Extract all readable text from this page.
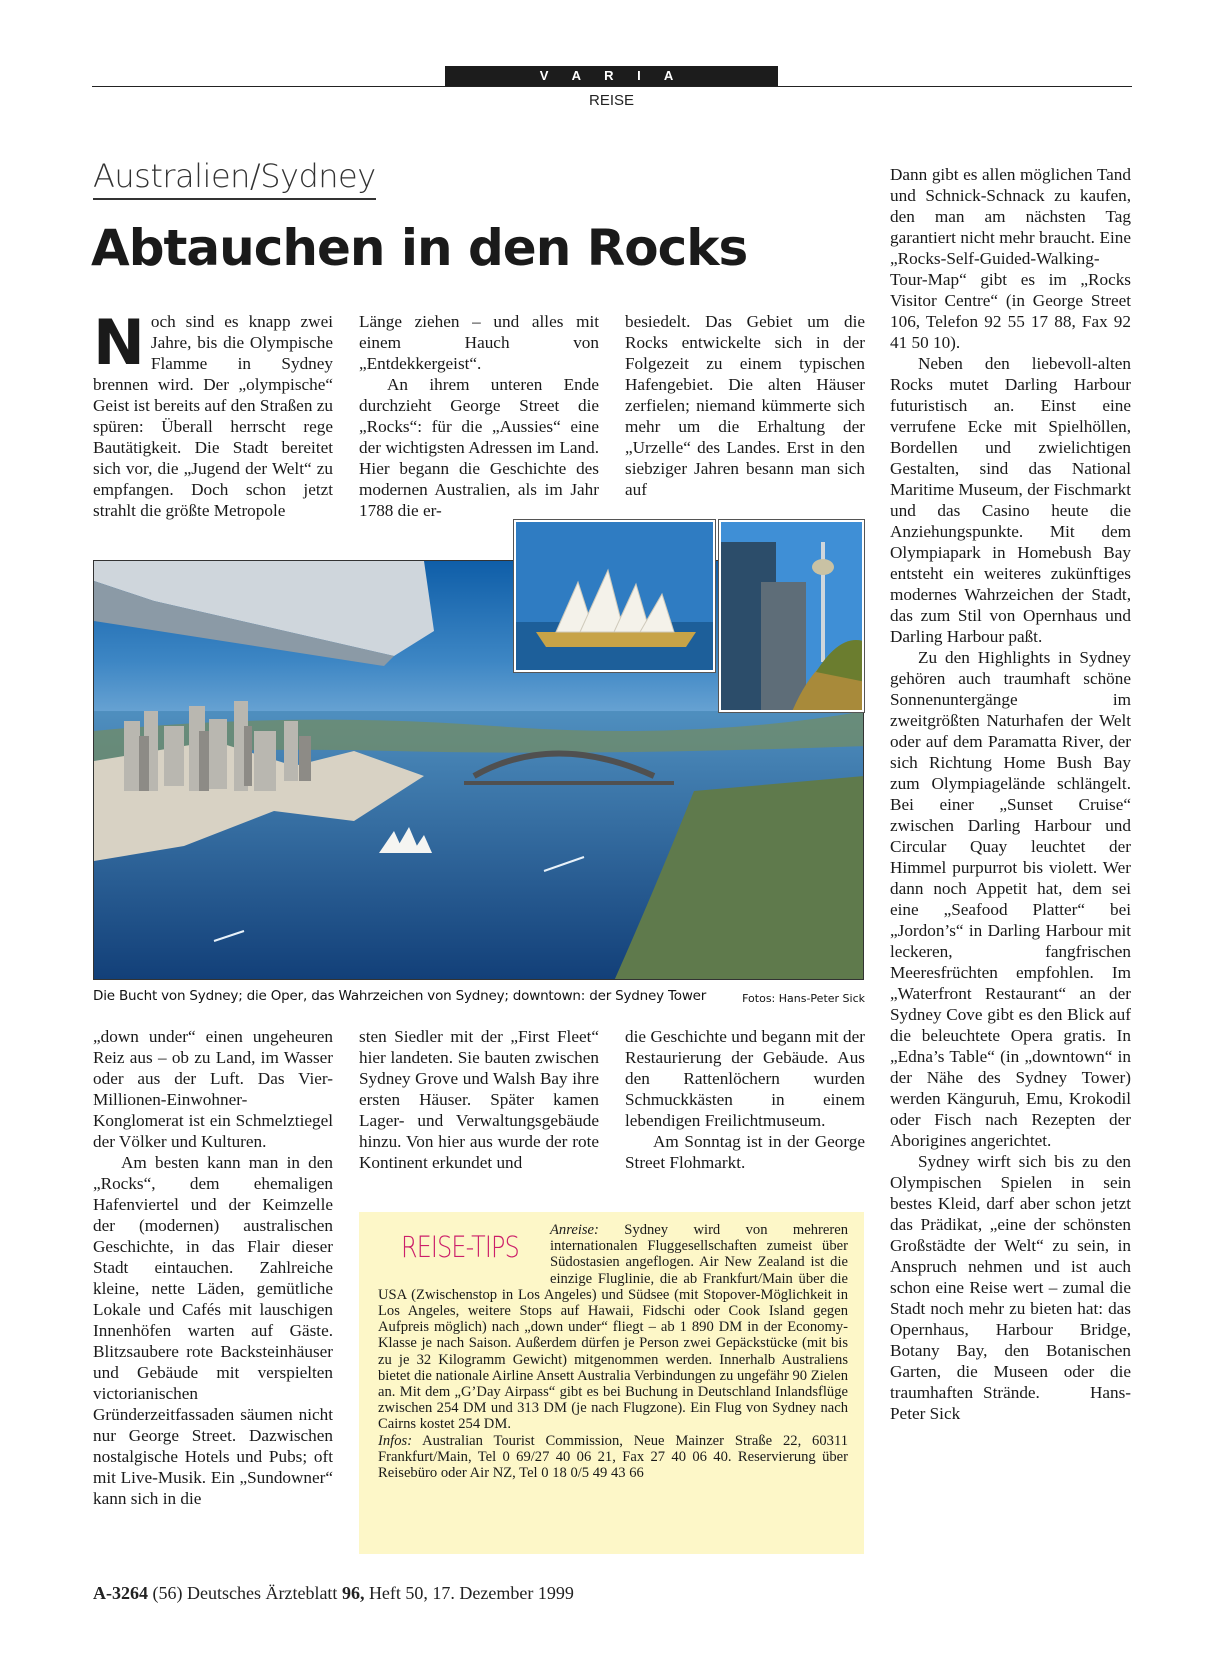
V A R I A
REISE
Australien/Sydney
Abtauchen in den Rocks
N och sind es knapp zwei Jahre, bis die Olympische Flamme in Sydney brennen wird. Der „olympische“ Geist ist bereits auf den Straßen zu spüren: Überall herrscht rege Bautätigkeit. Die Stadt bereitet sich vor, die „Jugend der Welt“ zu empfangen. Doch schon jetzt strahlt die größte Metropole

Länge ziehen – und alles mit einem Hauch von „Entdekkergeist“.

An ihrem unteren Ende durchzieht George Street die „Rocks“: für die „Aussies“ eine der wichtigsten Adressen im Land. Hier begann die Geschichte des modernen Australien, als im Jahr 1788 die er-

besiedelt. Das Gebiet um die Rocks entwickelte sich in der Folgezeit zu einem typischen Hafengebiet. Die alten Häuser zerfielen; niemand kümmerte sich mehr um die Erhaltung der „Urzelle“ des Landes. Erst in den siebziger Jahren besann man sich auf

Dann gibt es allen möglichen Tand und Schnick-Schnack zu kaufen, den man am nächsten Tag garantiert nicht mehr braucht. Eine „Rocks-Self-Guided-Walking-Tour-Map“ gibt es im „Rocks Visitor Centre“ (in George Street 106, Telefon 92 55 17 88, Fax 92 41 50 10).

Neben den liebevoll-alten Rocks mutet Darling Harbour futuristisch an. Einst eine verrufene Ecke mit Spielhöllen, Bordellen und zwielichtigen Gestalten, sind das National Maritime Museum, der Fischmarkt und das Casino heute die Anziehungspunkte. Mit dem Olympiapark in Homebush Bay entsteht ein weiteres zukünftiges modernes Wahrzeichen der Stadt, das zum Stil von Opernhaus und Darling Harbour paßt.

Zu den Highlights in Sydney gehören auch traumhaft schöne Sonnenuntergänge im zweitgrößten Naturhafen der Welt oder auf dem Paramatta River, der sich Richtung Home Bush Bay zum Olympiagelände schlängelt. Bei einer „Sunset Cruise“ zwischen Darling Harbour und Circular Quay leuchtet der Himmel purpurrot bis violett. Wer dann noch Appetit hat, dem sei eine „Seafood Platter“ bei „Jordon’s“ in Darling Harbour mit leckeren, fangfrischen Meeresfrüchten empfohlen. Im „Waterfront Restaurant“ an der Sydney Cove gibt es den Blick auf die beleuchtete Opera gratis. In „Edna’s Table“ (in „downtown“ in der Nähe des Sydney Tower) werden Känguruh, Emu, Krokodil oder Fisch nach Rezepten der Aborigines angerichtet.

Sydney wirft sich bis zu den Olympischen Spielen in sein bestes Kleid, darf aber schon jetzt das Prädikat, „eine der schönsten Großstädte der Welt“ zu sein, in Anspruch nehmen und ist auch schon eine Reise wert – zumal die Stadt noch mehr zu bieten hat: das Opernhaus, Harbour Bridge, Botany Bay, den Botanischen Garten, die Museen oder die traumhaften Strände.	Hans-Peter Sick

Die Bucht von Sydney; die Oper, das Wahrzeichen von Sydney; downtown: der Sydney Tower	Fotos: Hans-Peter Sick

„down under“ einen ungeheuren Reiz aus – ob zu Land, im Wasser oder aus der Luft. Das Vier-Millionen-Einwohner-Konglomerat ist ein Schmelztiegel der Völker und Kulturen.

Am besten kann man in den „Rocks“, dem ehemaligen Hafenviertel und der Keimzelle der (modernen) australischen Geschichte, in das Flair dieser Stadt eintauchen. Zahlreiche kleine, nette Läden, gemütliche Lokale und Cafés mit lauschigen Innenhöfen warten auf Gäste. Blitzsaubere rote Backsteinhäuser und Gebäude mit verspielten victorianischen Gründerzeitfassaden säumen nicht nur George Street. Dazwischen nostalgische Hotels und Pubs; oft mit Live-Musik. Ein „Sundowner“ kann sich in die

sten Siedler mit der „First Fleet“ hier landeten. Sie bauten zwischen Sydney Grove und Walsh Bay ihre ersten Häuser. Später kamen Lager- und Verwaltungsgebäude hinzu. Von hier aus wurde der rote Kontinent erkundet und

die Geschichte und begann mit der Restaurierung der Gebäude. Aus den Rattenlöchern wurden Schmuckkästen in einem lebendigen Freilichtmuseum.

Am Sonntag ist in der George Street Flohmarkt.

Anreise: Sydney wird von mehreren internationalen Fluggesellschaften zumeist über Südostasien angeflogen. Air New Zealand ist die einzige Fluglinie, die ab Frankfurt/Main über die USA (Zwischenstop in Los Angeles) und Südsee (mit Stopover-Möglichkeit in Los Angeles, weitere Stops auf Hawaii, Fidschi oder Cook Island gegen Aufpreis möglich) nach „down under“ fliegt – ab 1 890 DM in der Economy-Klasse je nach Saison. Außerdem dürfen je Person zwei Gepäckstücke (mit bis zu je 32 Kilogramm Gewicht) mitgenommen werden. Innerhalb Australiens bietet die nationale Airline Ansett Australia Verbindungen zu ungefähr 90 Zielen an. Mit dem „G’Day Airpass“ gibt es bei Buchung in Deutschland Inlandsflüge zwischen 254 DM und 313 DM (je nach Flugzone). Ein Flug von Sydney nach Cairns kostet 254 DM.
Infos: Australian Tourist Commission, Neue Mainzer Straße 22, 60311 Frankfurt/Main, Tel 0 69/27 40 06 21, Fax 27 40 06 40. Reservierung über Reisebüro oder Air NZ, Tel 0 18 0/5 49 43 66
REISE-TIPS
A-3264 (56) Deutsches Ärzteblatt 96, Heft 50, 17. Dezember 1999
